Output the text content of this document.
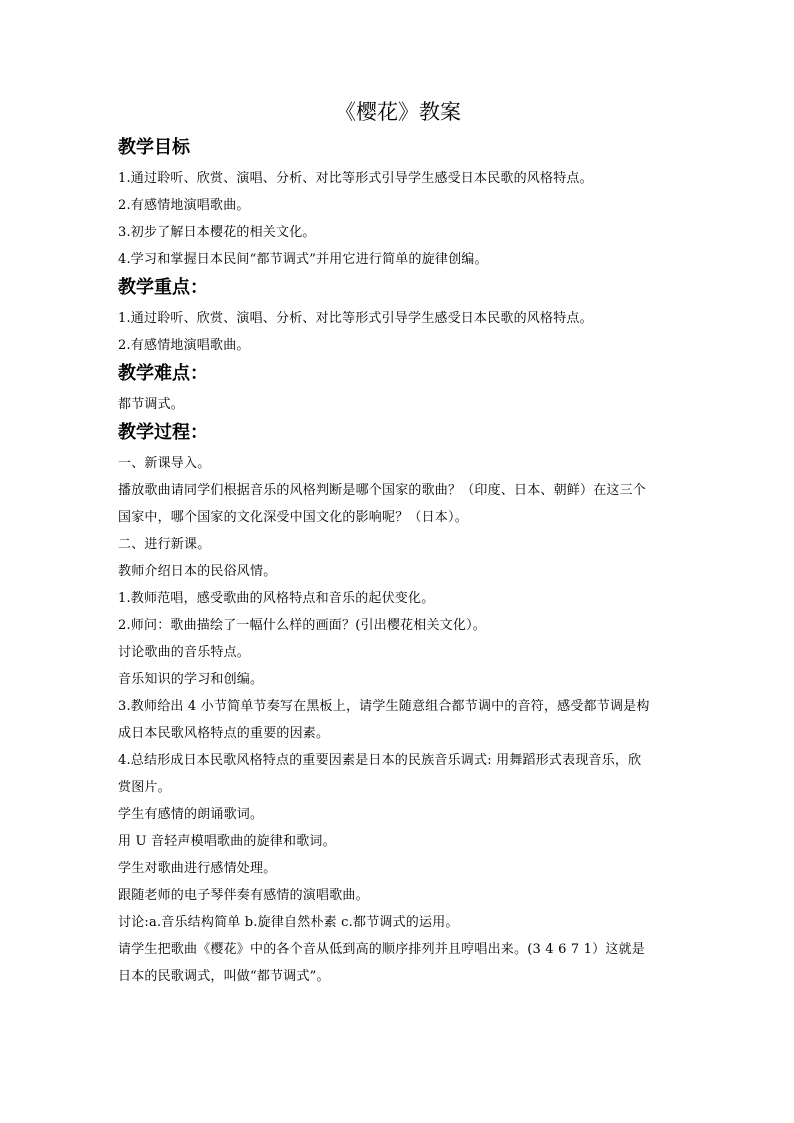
《樱花》教案
教学目标
1.通过聆听、欣赏、演唱、分析、对比等形式引导学生感受日本民歌的风格特点。
2.有感情地演唱歌曲。
3.初步了解日本樱花的相关文化。
4.学习和掌握日本民间“都节调式”并用它进行简单的旋律创编。
教学重点：
1.通过聆听、欣赏、演唱、分析、对比等形式引导学生感受日本民歌的风格特点。
2.有感情地演唱歌曲。
教学难点：
都节调式。
教学过程：
一、新课导入。
播放歌曲请同学们根据音乐的风格判断是哪个国家的歌曲？（印度、日本、朝鲜）在这三个
国家中，哪个国家的文化深受中国文化的影响呢？（日本）。
二、进行新课。
教师介绍日本的民俗风情。
1.教师范唱，感受歌曲的风格特点和音乐的起伏变化。
2.师问：歌曲描绘了一幅什么样的画面？(引出樱花相关文化）。
讨论歌曲的音乐特点。
音乐知识的学习和创编。
3.教师给出 4 小节简单节奏写在黑板上，请学生随意组合都节调中的音符，感受都节调是构
成日本民歌风格特点的重要的因素。
4.总结形成日本民歌风格特点的重要因素是日本的民族音乐调式: 用舞蹈形式表现音乐，欣
赏图片。
学生有感情的朗诵歌词。
用 U 音轻声模唱歌曲的旋律和歌词。
学生对歌曲进行感情处理。
跟随老师的电子琴伴奏有感情的演唱歌曲。
讨论:a.音乐结构简单 b.旋律自然朴素 c.都节调式的运用。
请学生把歌曲《樱花》中的各个音从低到高的顺序排列并且哼唱出来。(3 4 6 7 1）这就是
日本的民歌调式，叫做“都节调式”。
